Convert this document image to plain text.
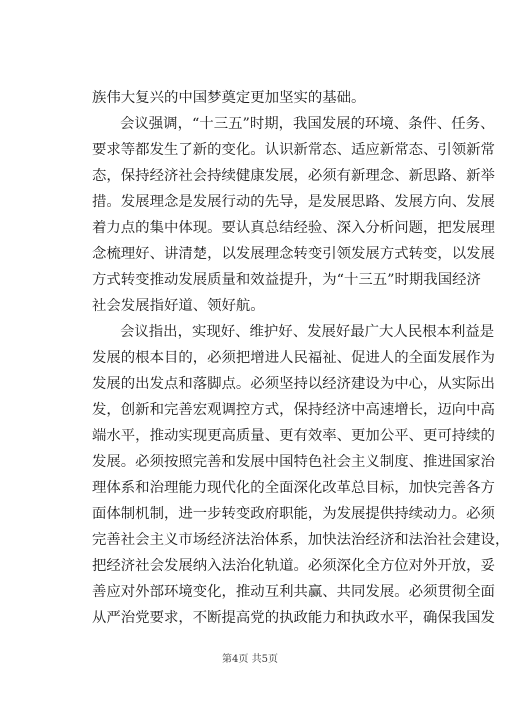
族伟大复兴的中国梦奠定更加坚实的基础。
会议强调，“十三五”时期，我国发展的环境、条件、任务、
要求等都发生了新的变化。认识新常态、适应新常态、引领新常
态，保持经济社会持续健康发展，必须有新理念、新思路、新举
措。发展理念是发展行动的先导，是发展思路、发展方向、发展
着力点的集中体现。要认真总结经验、深入分析问题，把发展理
念梳理好、讲清楚，以发展理念转变引领发展方式转变，以发展
方式转变推动发展质量和效益提升，为“十三五”时期我国经济
社会发展指好道、领好航。
会议指出，实现好、维护好、发展好最广大人民根本利益是
发展的根本目的，必须把增进人民福祉、促进人的全面发展作为
发展的出发点和落脚点。必须坚持以经济建设为中心，从实际出
发，创新和完善宏观调控方式，保持经济中高速增长，迈向中高
端水平，推动实现更高质量、更有效率、更加公平、更可持续的
发展。必须按照完善和发展中国特色社会主义制度、推进国家治
理体系和治理能力现代化的全面深化改革总目标，加快完善各方
面体制机制，进一步转变政府职能，为发展提供持续动力。必须
完善社会主义市场经济法治体系，加快法治经济和法治社会建设，
把经济社会发展纳入法治化轨道。必须深化全方位对外开放，妥
善应对外部环境变化，推动互利共赢、共同发展。必须贯彻全面
从严治党要求，不断提高党的执政能力和执政水平，确保我国发
第4页 共5页
